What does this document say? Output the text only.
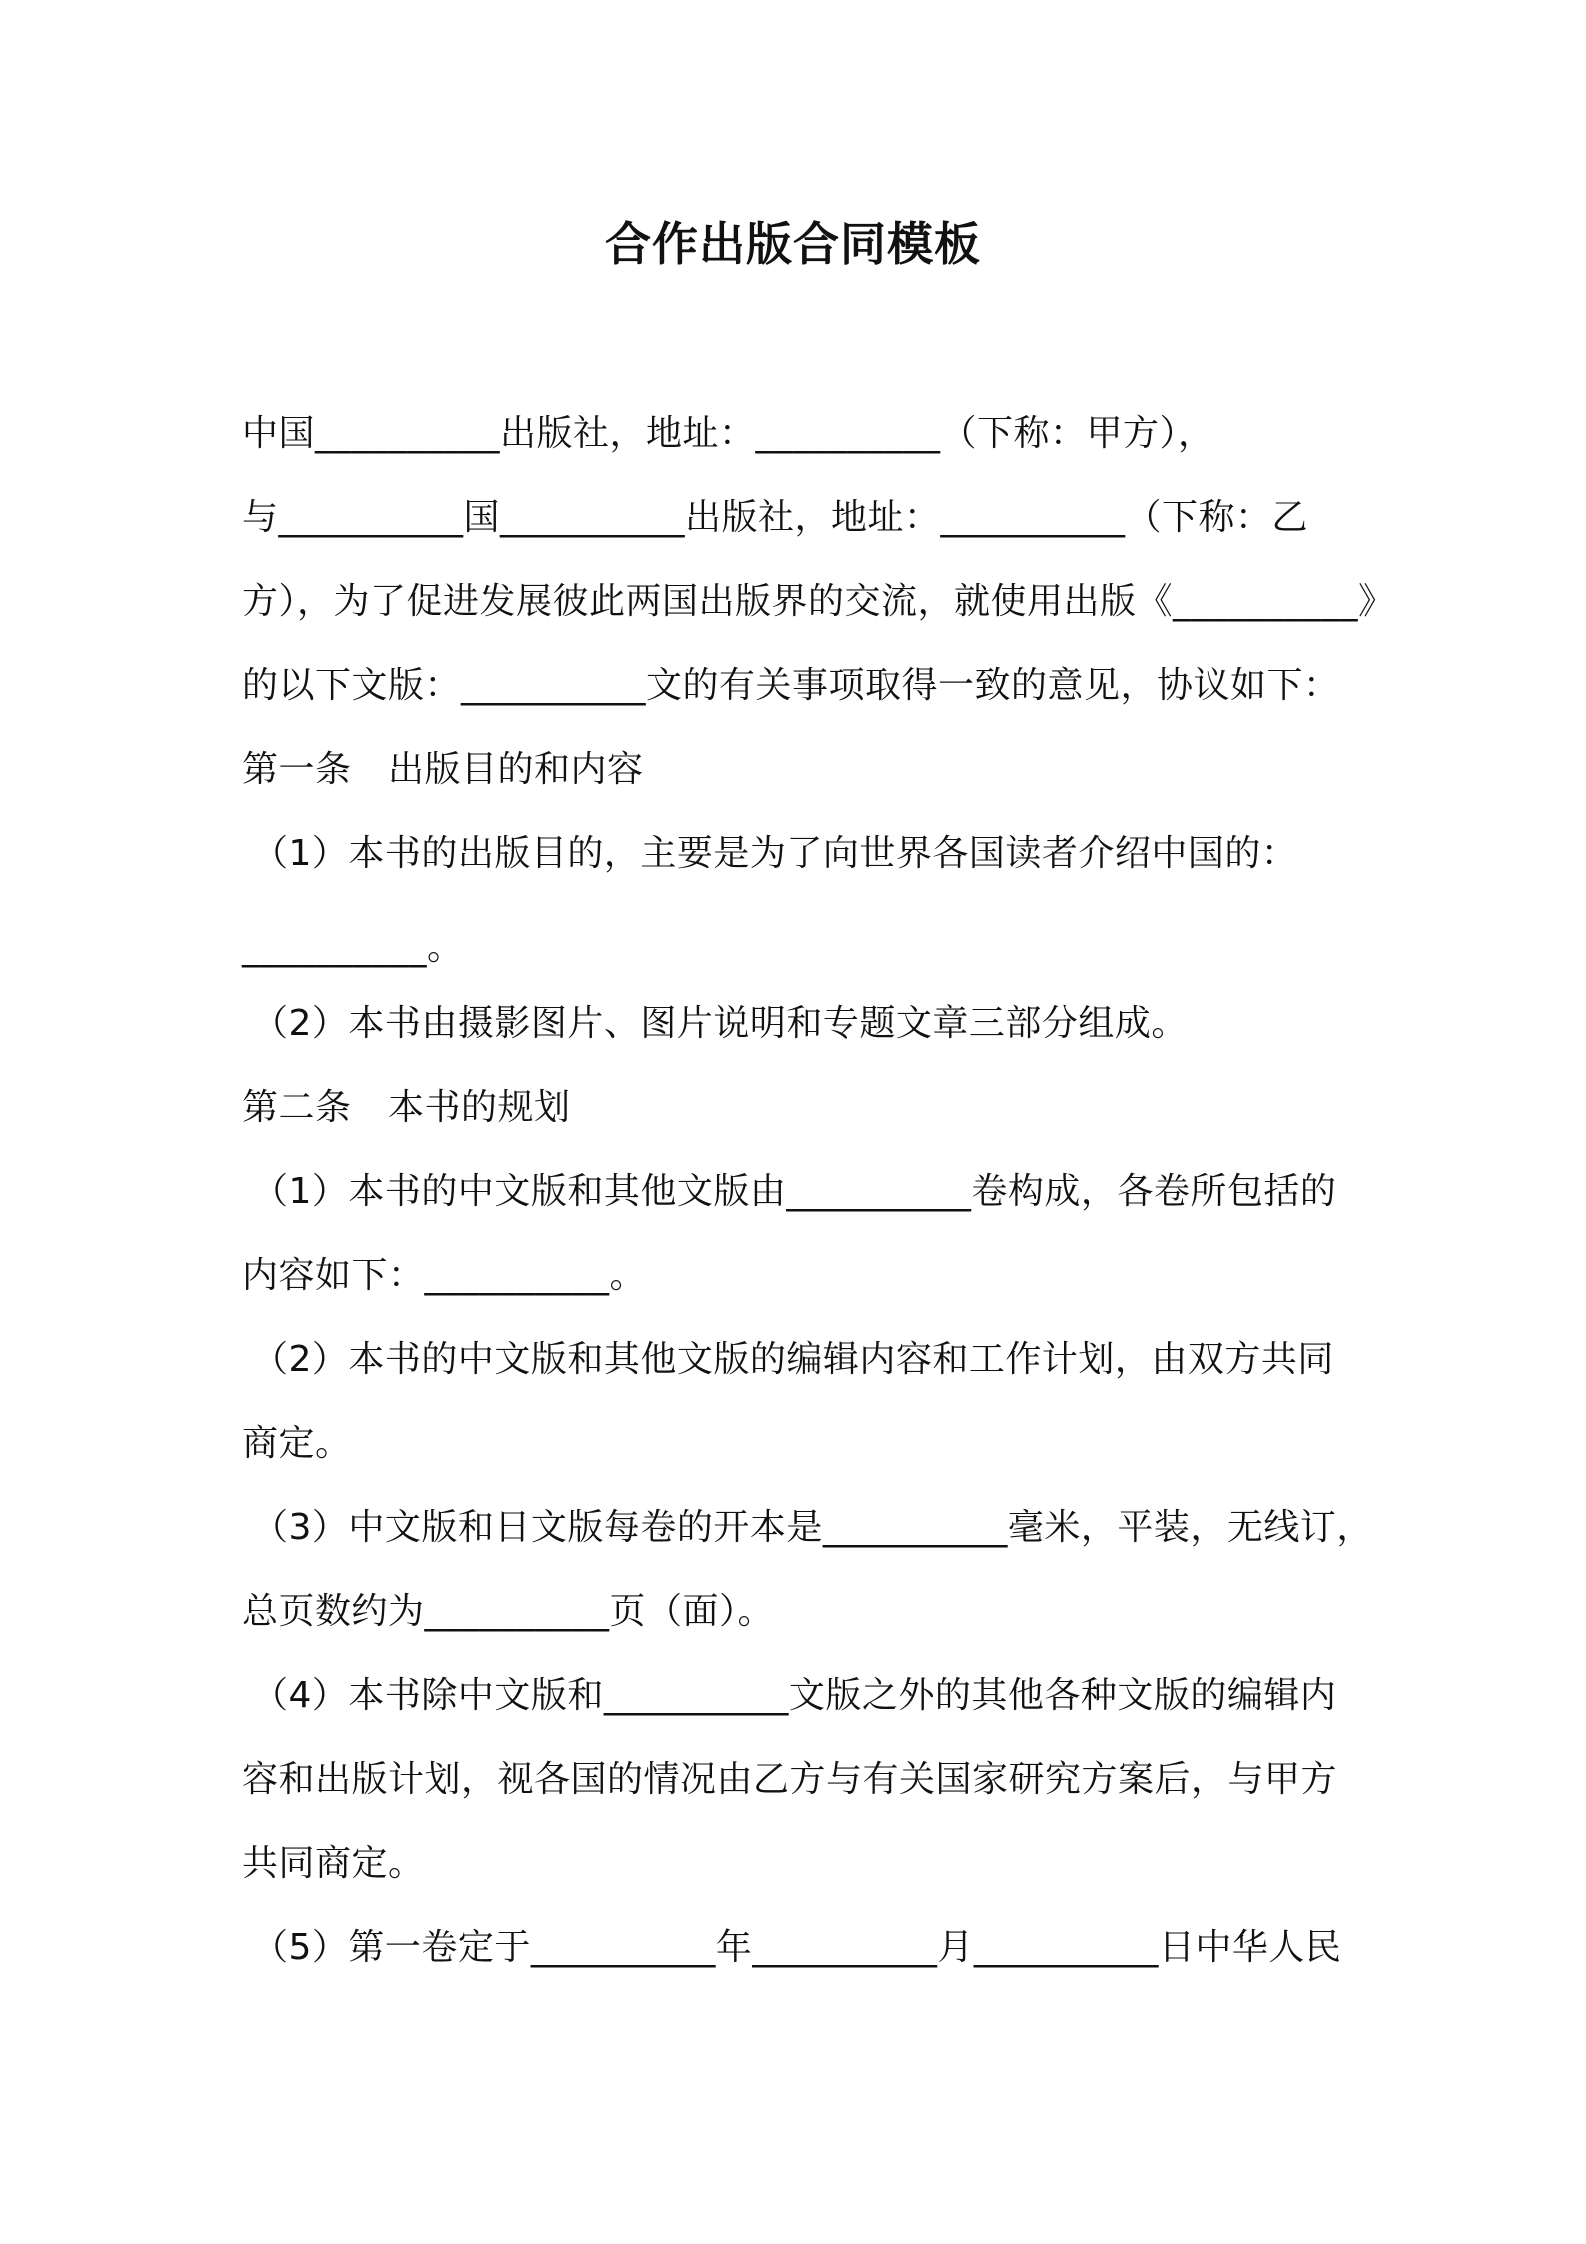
合作出版合同模板
中国__________出版社，地址：__________（下称：甲方），
与__________国__________出版社，地址：__________（下称：乙
方），为了促进发展彼此两国出版界的交流，就使用出版《__________》
的以下文版：__________文的有关事项取得一致的意见，协议如下：
第一条　出版目的和内容
（1）本书的出版目的，主要是为了向世界各国读者介绍中国的：
__________。
（2）本书由摄影图片、图片说明和专题文章三部分组成。
第二条　本书的规划
（1）本书的中文版和其他文版由__________卷构成，各卷所包括的
内容如下：__________。
（2）本书的中文版和其他文版的编辑内容和工作计划，由双方共同
商定。
（3）中文版和日文版每卷的开本是__________毫米，平装，无线订，
总页数约为__________页（面）。
（4）本书除中文版和__________文版之外的其他各种文版的编辑内
容和出版计划，视各国的情况由乙方与有关国家研究方案后，与甲方
共同商定。
（5）第一卷定于__________年__________月__________日中华人民
